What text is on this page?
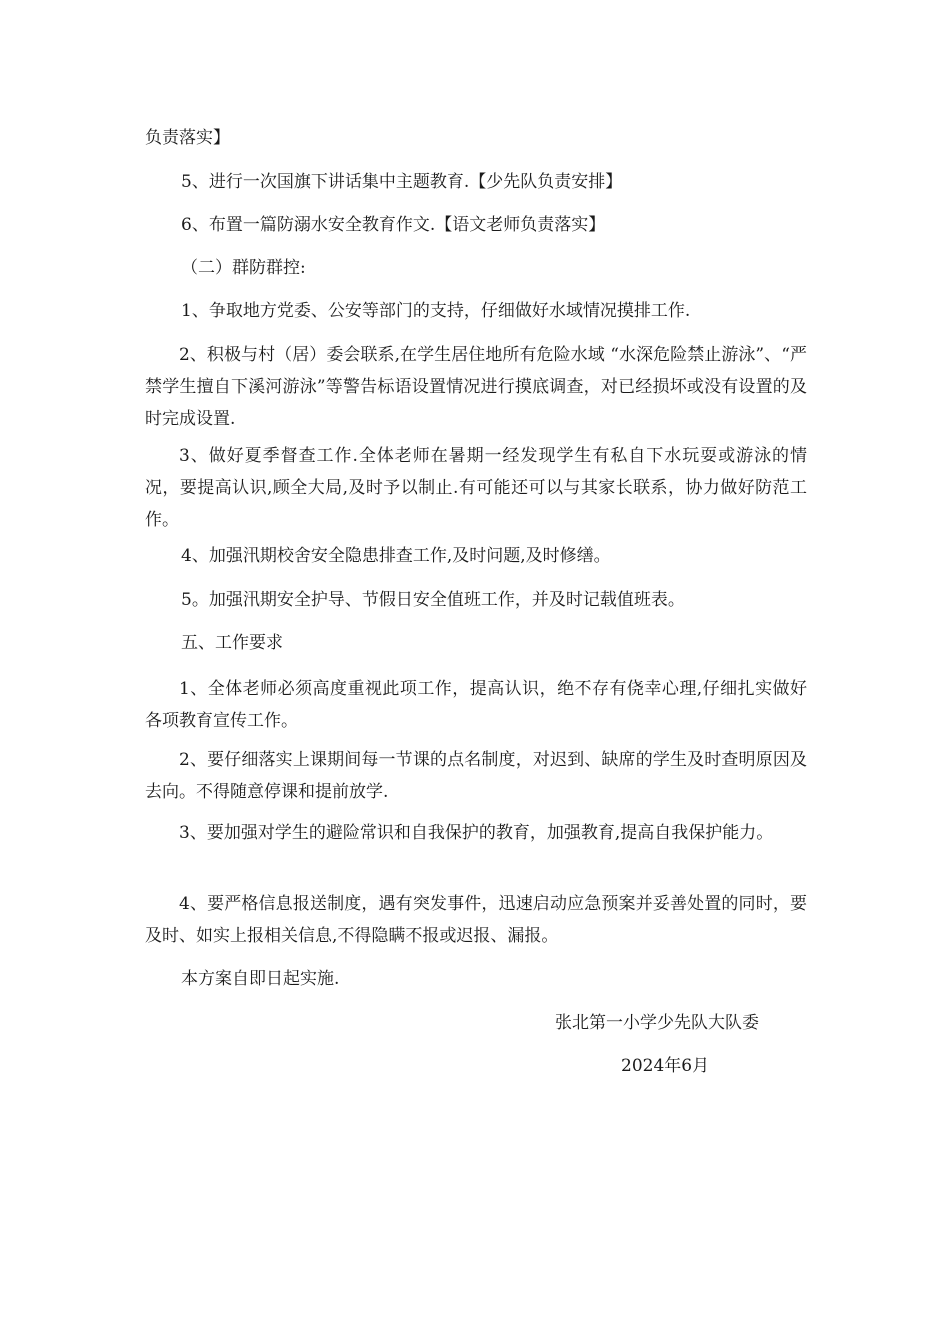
负责落实】

5、进行一次国旗下讲话集中主题教育.【少先队负责安排】

6、布置一篇防溺水安全教育作文.【语文老师负责落实】

（二）群防群控:

1、争取地方党委、公安等部门的支持，仔细做好水域情况摸排工作.

2、积极与村（居）委会联系,在学生居住地所有危险水域 “水深危险禁止游泳”、“严禁学生擅自下溪河游泳”等警告标语设置情况进行摸底调查，对已经损坏或没有设置的及时完成设置.

3、做好夏季督查工作.全体老师在暑期一经发现学生有私自下水玩耍或游泳的情况，要提高认识,顾全大局,及时予以制止.有可能还可以与其家长联系，协力做好防范工作。

4、加强汛期校舍安全隐患排查工作,及时问题,及时修缮。

5。加强汛期安全护导、节假日安全值班工作，并及时记载值班表。

五、工作要求

1、全体老师必须高度重视此项工作，提高认识，绝不存有侥幸心理,仔细扎实做好各项教育宣传工作。

2、要仔细落实上课期间每一节课的点名制度，对迟到、缺席的学生及时查明原因及去向。不得随意停课和提前放学.

3、要加强对学生的避险常识和自我保护的教育，加强教育,提高自我保护能力。

4、要严格信息报送制度，遇有突发事件，迅速启动应急预案并妥善处置的同时，要及时、如实上报相关信息,不得隐瞒不报或迟报、漏报。

本方案自即日起实施.

张北第一小学少先队大队委

2024年6月
